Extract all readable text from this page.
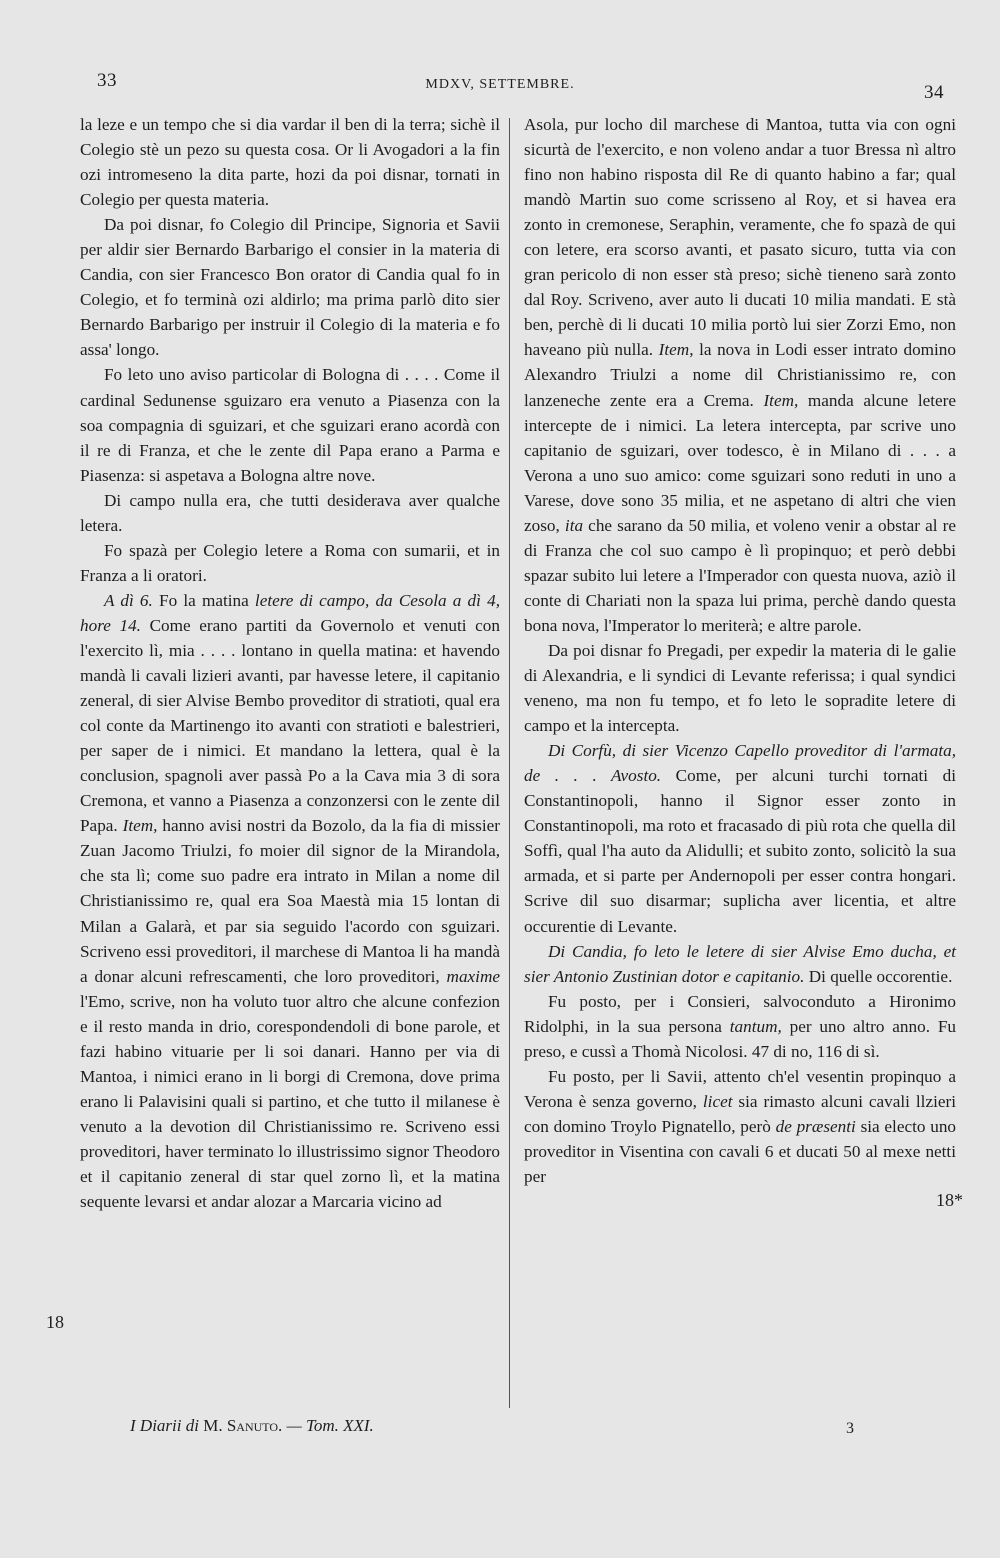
33	MDXV, SETTEMBRE.	34

la leze e un tempo che si dia vardar il ben di la terra; sichè il Colegio stè un pezo su questa cosa. Or li Avogadori a la fin ozi intromeseno la dita parte, hozi da poi disnar, tornati in Colegio per questa materia.

Da poi disnar, fo Colegio dil Principe, Signoria et Savii per aldir sier Bernardo Barbarigo el consier in la materia di Candia, con sier Francesco Bon orator di Candia qual fo in Colegio, et fo terminà ozi aldirlo; ma prima parlò dito sier Bernardo Barbarigo per instruir il Colegio di la materia e fo assa' longo.

Fo leto uno aviso particolar di Bologna di . . . . Come il cardinal Sedunense sguizaro era venuto a Piasenza con la soa compagnia di sguizari, et che sguizari erano acordà con il re di Franza, et che le zente dil Papa erano a Parma e Piasenza: si aspetava a Bologna altre nove.

Di campo nulla era, che tutti desiderava aver qualche letera.

Fo spazà per Colegio letere a Roma con sumarii, et in Franza a li oratori.

A dì 6. Fo la matina letere di campo, da Cesola a dì 4, hore 14. Come erano partiti da Governolo et venuti con l'exercito lì, mia . . . . lontano in quella matina: et havendo mandà li cavali lizieri avanti, par havesse letere, il capitanio zeneral, di sier Alvise Bembo proveditor di stratioti, qual era col conte da Martinengo ito avanti con stratioti e balestrieri, per saper de i nimici. Et mandano la lettera, qual è la conclusion, spagnoli aver passà Po a la Cava mia 3 di sora Cremona, et vanno a Piasenza a conzonzersi con le zente dil Papa. Item, hanno avisi nostri da Bozolo, da la fia di missier Zuan Jacomo Triulzi, fo moier dil signor de la Mirandola, che sta lì; come suo padre era intrato in Milan a nome dil Christianissimo re, qual era Soa Maestà mia 15 lontan di Milan a Galarà, et par sia seguido l'acordo con sguizari. Scriveno essi proveditori, il marchese di Mantoa li ha mandà a donar alcuni refrescamenti, che loro proveditori, maxime l'Emo, scrive, non ha voluto tuor altro che alcune confezion e il resto manda in drio, corespondendoli di bone parole, et fazi habino vituarie per li soi danari. Hanno per via di Mantoa, i nimici erano in li borgi di Cremona, dove prima erano li Palavisini quali si partino, et che tutto il milanese è venuto a la devotion dil Christianissimo re. Scriveno essi proveditori, haver terminato lo illustrissimo signor Theodoro et il capitanio zeneral di star quel zorno lì, et la matina sequente levarsi et andar alozar a Marcaria vicino ad

Asola, pur locho dil marchese di Mantoa, tutta via con ogni sicurtà de l'exercito, e non voleno andar a tuor Bressa nì altro fino non habino risposta dil Re di quanto habino a far; qual mandò Martin suo come scrisseno al Roy, et si havea era zonto in cremonese, Seraphin, veramente, che fo spazà de qui con letere, era scorso avanti, et pasato sicuro, tutta via con gran pericolo di non esser stà preso; sichè tieneno sarà zonto dal Roy. Scriveno, aver auto li ducati 10 milia mandati. E stà ben, perchè di li ducati 10 milia portò lui sier Zorzi Emo, non haveano più nulla. Item, la nova in Lodi esser intrato domino Alexandro Triulzi a nome dil Christianissimo re, con lanzeneche zente era a Crema. Item, manda alcune letere intercepte de i nimici. La letera intercepta, par scrive uno capitanio de sguizari, over todesco, è in Milano di . . . a Verona a uno suo amico: come sguizari sono reduti in uno a Varese, dove sono 35 milia, et ne aspetano di altri che vien zoso, ita che sarano da 50 milia, et voleno venir a obstar al re di Franza che col suo campo è lì propinquo; et però debbi spazar subito lui letere a l'Imperador con questa nuova, aziò il conte di Chariati non la spaza lui prima, perchè dando questa bona nova, l'Imperator lo meriterà; e altre parole.

Da poi disnar fo Pregadi, per expedir la materia di le galie di Alexandria, e li syndici di Levante referissa; i qual syndici veneno, ma non fu tempo, et fo leto le sopradite letere di campo et la intercepta.

Di Corfù, di sier Vicenzo Capello proveditor di l'armata, de . . . Avosto. Come, per alcuni turchi tornati di Constantinopoli, hanno il Signor esser zonto in Constantinopoli, ma roto et fracasado di più rota che quella dil Soffì, qual l'ha auto da Alidulli; et subito zonto, solicitò la sua armada, et si parte per Andernopoli per esser contra hongari. Scrive dil suo disarmar; suplicha aver licentia, et altre occurentie di Levante.

Di Candia, fo leto le letere di sier Alvise Emo ducha, et sier Antonio Zustinian dotor e capitanio. Di quelle occorentie.

Fu posto, per i Consieri, salvoconduto a Hironimo Ridolphi, in la sua persona tantum, per uno altro anno. Fu preso, e cussì a Thomà Nicolosi. 47 di no, 116 di sì.

Fu posto, per li Savii, attento ch'el vesentin propinquo a Verona è senza governo, licet sia rimasto alcuni cavali llzieri con domino Troylo Pignatello, però de præsenti sia electo uno proveditor in Visentina con cavali 6 et ducati 50 al mexe netti per

18
18*
I Diarii di M. Sanuto. — Tom. XXI.	3
